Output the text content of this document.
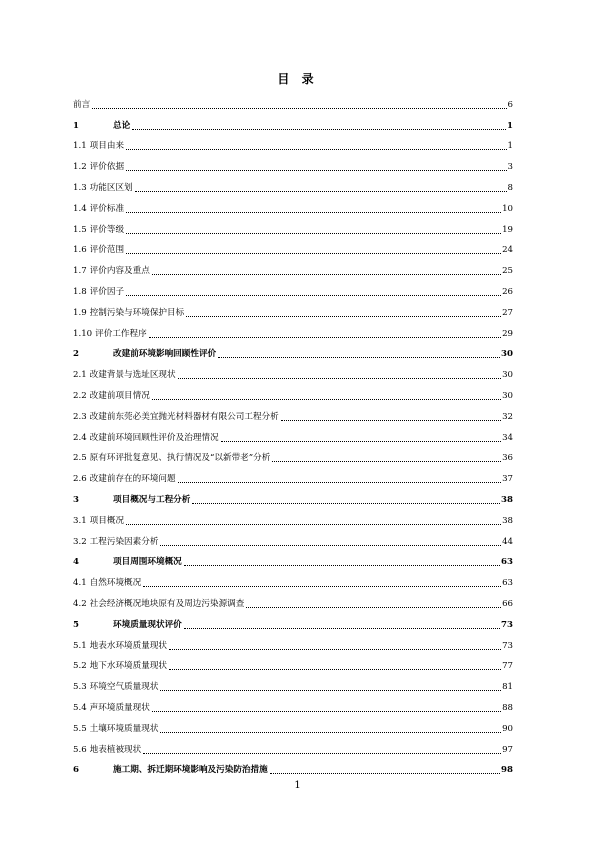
目 录
前言	6
1	总论	1
1.1 项目由来	1
1.2 评价依据	3
1.3 功能区区划	8
1.4 评价标准	10
1.5 评价等级	19
1.6 评价范围	24
1.7 评价内容及重点	25
1.8 评价因子	26
1.9 控制污染与环境保护目标	27
1.10 评价工作程序	29
2	改建前环境影响回顾性评价	30
2.1 改建背景与选址区现状	30
2.2 改建前项目情况	30
2.3 改建前东莞必美宜抛光材料器材有限公司工程分析	32
2.4 改建前环境回顾性评价及治理情况	34
2.5 原有环评批复意见、执行情况及“以新带老”分析	36
2.6 改建前存在的环境问题	37
3	项目概况与工程分析	38
3.1 项目概况	38
3.2 工程污染因素分析	44
4	项目周围环境概况	63
4.1 自然环境概况	63
4.2 社会经济概况地块原有及周边污染源调查	66
5	环境质量现状评价	73
5.1 地表水环境质量现状	73
5.2 地下水环境质量现状	77
5.3 环境空气质量现状	81
5.4 声环境质量现状	88
5.5 土壤环境质量现状	90
5.6 地表植被现状	97
6	施工期、拆迁期环境影响及污染防治措施	98
1
